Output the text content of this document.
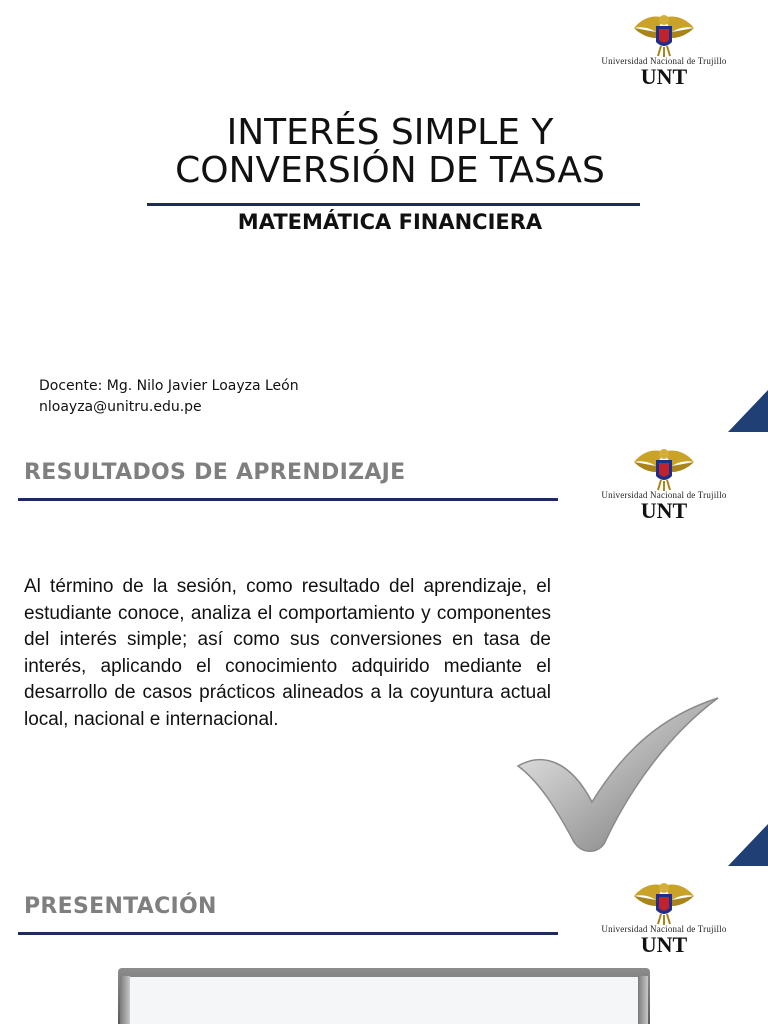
Universidad Nacional de Trujillo
UNT
INTERÉS SIMPLE Y
CONVERSIÓN DE TASAS
MATEMÁTICA FINANCIERA
Docente: Mg. Nilo Javier Loayza León
nloayza@unitru.edu.pe
Universidad Nacional de Trujillo
UNT
RESULTADOS DE APRENDIZAJE
Al término de la sesión, como resultado del aprendizaje, el estudiante conoce, analiza el comportamiento y componentes del interés simple; así como sus conversiones en tasa de interés, aplicando el conocimiento adquirido mediante el desarrollo de casos prácticos alineados a la coyuntura actual local, nacional e internacional.
Universidad Nacional de Trujillo
UNT
PRESENTACIÓN
